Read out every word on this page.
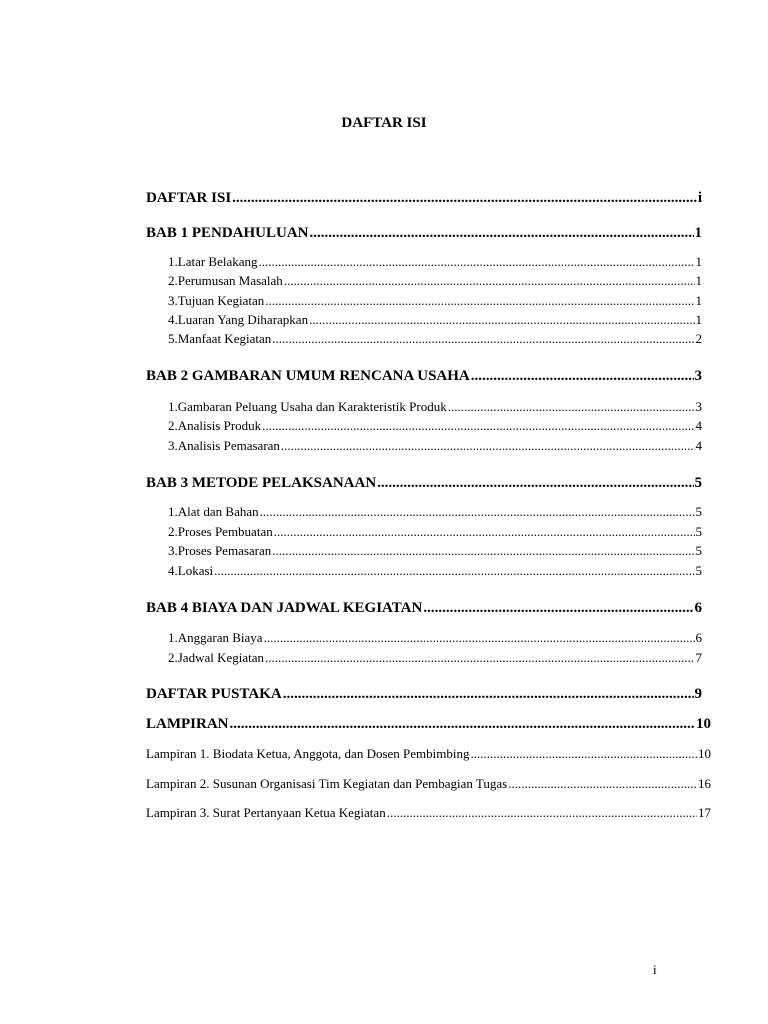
DAFTAR ISI
DAFTAR ISI .....	i
BAB 1 PENDAHULUAN .....	1
1. Latar Belakang .....	1
2. Perumusan Masalah .....	1
3. Tujuan Kegiatan .....	1
4. Luaran Yang Diharapkan .....	1
5. Manfaat Kegiatan .....	2
BAB 2 GAMBARAN UMUM RENCANA USAHA .....	3
1. Gambaran Peluang Usaha dan Karakteristik Produk .....	3
2. Analisis Produk .....	4
3. Analisis Pemasaran .....	4
BAB 3 METODE PELAKSANAAN .....	5
1. Alat dan Bahan .....	5
2. Proses Pembuatan .....	5
3. Proses Pemasaran .....	5
4. Lokasi .....	5
BAB 4 BIAYA DAN JADWAL KEGIATAN .....	6
1. Anggaran Biaya .....	6
2. Jadwal Kegiatan .....	7
DAFTAR PUSTAKA .....	9
LAMPIRAN .....	10
Lampiran 1. Biodata Ketua, Anggota, dan Dosen Pembimbing .....	10
Lampiran 2. Susunan Organisasi Tim Kegiatan dan Pembagian Tugas .....	16
Lampiran 3. Surat Pertanyaan Ketua Kegiatan .....	17
i
